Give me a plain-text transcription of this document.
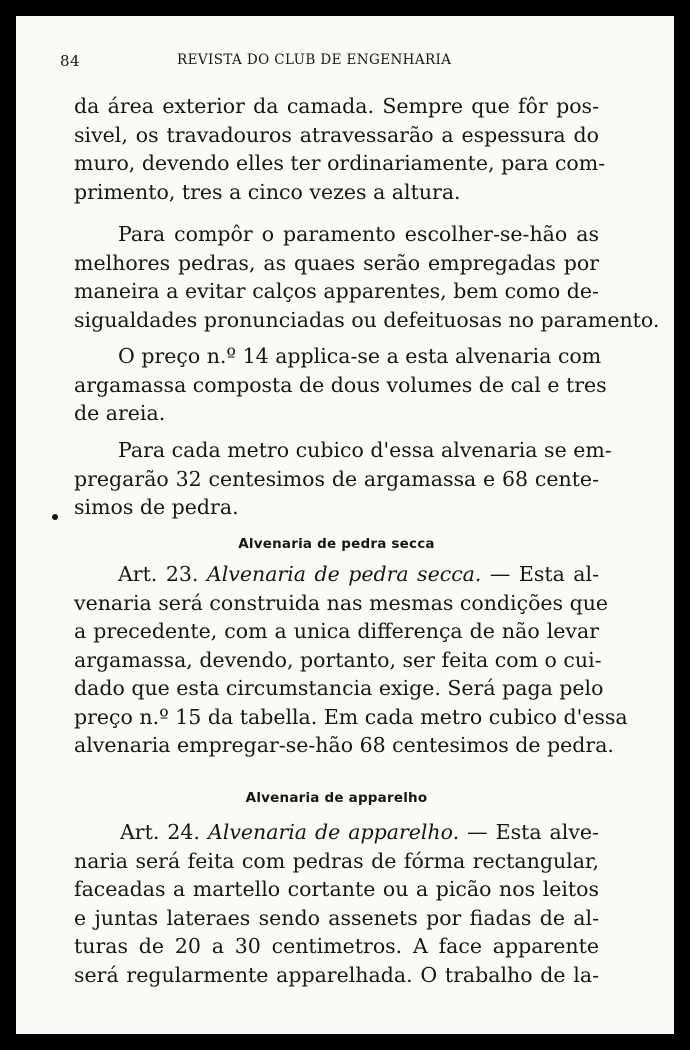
84	REVISTA DO CLUB DE ENGENHARIA

da área exterior da camada. Sempre que fôr pos-
sivel, os travadouros atravessarão a espessura do
muro, devendo elles ter ordinariamente, para com-
primento, tres a cinco vezes a altura.

Para compôr o paramento escolher-se-hão as
melhores pedras, as quaes serão empregadas por
maneira a evitar calços apparentes, bem como de-
sigualdades pronunciadas ou defeituosas no paramento.

O preço n.º 14 applica-se a esta alvenaria com
argamassa composta de dous volumes de cal e tres
de areia.

Para cada metro cubico d'essa alvenaria se em-
pregarão 32 centesimos de argamassa e 68 cente-
simos de pedra.

Alvenaria de pedra secca

Art. 23. Alvenaria de pedra secca. — Esta al-
venaria será construida nas mesmas condições que
a precedente, com a unica differença de não levar
argamassa, devendo, portanto, ser feita com o cui-
dado que esta circumstancia exige. Será paga pelo
preço n.º 15 da tabella. Em cada metro cubico d'essa
alvenaria empregar-se-hão 68 centesimos de pedra.

Alvenaria de apparelho

Art. 24. Alvenaria de apparelho. — Esta alve-
naria será feita com pedras de fórma rectangular,
faceadas a martello cortante ou a picão nos leitos
e juntas lateraes sendo assenets por fiadas de al-
turas de 20 a 30 centimetros. A face apparente
será regularmente apparelhada. O trabalho de la-
